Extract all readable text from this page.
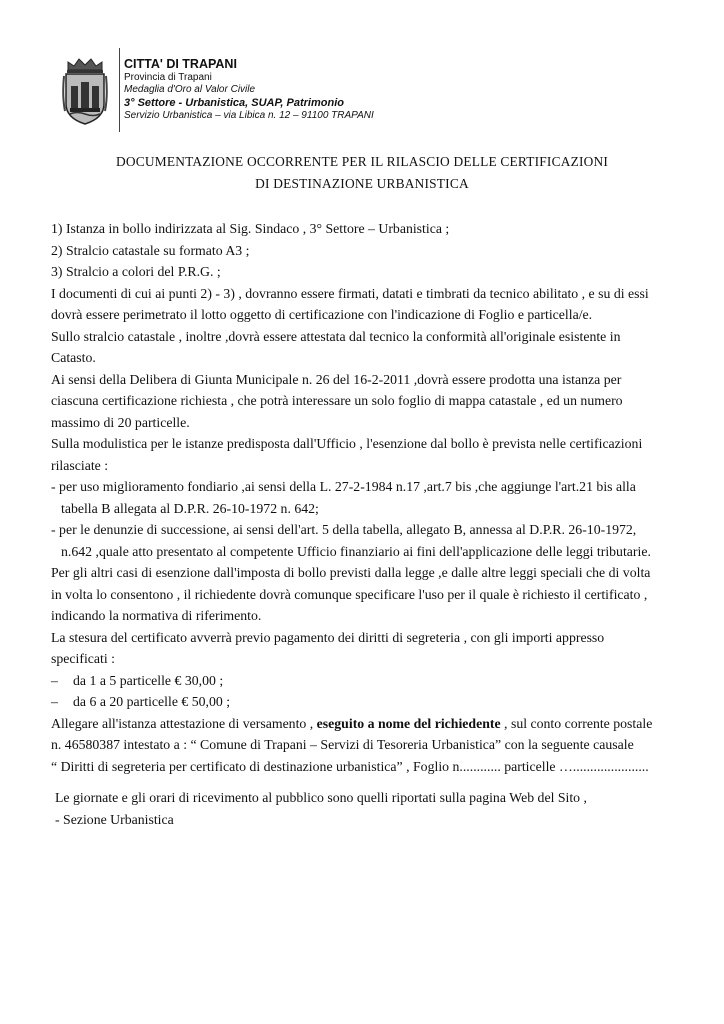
CITTA' DI TRAPANI
Provincia di Trapani
Medaglia d'Oro al Valor Civile
3° Settore - Urbanistica, SUAP, Patrimonio
Servizio Urbanistica – via Libica n. 12 – 91100 TRAPANI
DOCUMENTAZIONE OCCORRENTE PER IL RILASCIO DELLE CERTIFICAZIONI
DI DESTINAZIONE URBANISTICA
1) Istanza in bollo indirizzata al Sig. Sindaco , 3° Settore – Urbanistica ;
2) Stralcio catastale su formato A3 ;
3) Stralcio a colori del P.R.G. ;
I documenti di cui ai punti 2) - 3) , dovranno essere firmati, datati e timbrati da tecnico abilitato , e su di essi
dovrà essere perimetrato il lotto oggetto di certificazione con l'indicazione di Foglio e particella/e.
Sullo stralcio catastale , inoltre ,dovrà essere attestata dal tecnico la conformità all'originale esistente in
Catasto.
Ai sensi della Delibera di Giunta Municipale n. 26 del 16-2-2011 ,dovrà essere prodotta una istanza per
ciascuna certificazione richiesta , che potrà interessare un solo foglio di mappa catastale , ed un numero
massimo di 20 particelle.
Sulla modulistica per le istanze predisposta dall'Ufficio , l'esenzione dal bollo è prevista nelle certificazioni
rilasciate :
- per uso miglioramento fondiario ,ai sensi della L. 27-2-1984 n.17 ,art.7 bis ,che aggiunge l'art.21 bis alla
tabella B allegata al D.P.R. 26-10-1972 n. 642;
- per le denunzie di successione, ai sensi dell'art. 5 della tabella, allegato B, annessa al D.P.R. 26-10-1972,
n.642 ,quale atto presentato al competente Ufficio finanziario ai fini dell'applicazione delle leggi tributarie.
Per gli altri casi di esenzione dall'imposta di bollo previsti dalla legge ,e dalle altre leggi speciali che di volta
in volta lo consentono , il richiedente dovrà comunque specificare l'uso per il quale è richiesto il certificato ,
indicando la normativa di riferimento.
La stesura del certificato avverrà previo pagamento dei diritti di segreteria , con gli importi appresso
specificati :
– da 1 a 5 particelle € 30,00 ;
– da 6 a 20 particelle € 50,00 ;
Allegare all'istanza attestazione di versamento , eseguito a nome del richiedente , sul conto corrente postale
n. 46580387 intestato a : “ Comune di Trapani – Servizi di Tesoreria Urbanistica” con la seguente causale
“ Diritti di segreteria per certificato di destinazione urbanistica” , Foglio n............ particelle …......................
Le giornate e gli orari di ricevimento al pubblico sono quelli riportati sulla pagina Web del Sito ,
- Sezione Urbanistica
